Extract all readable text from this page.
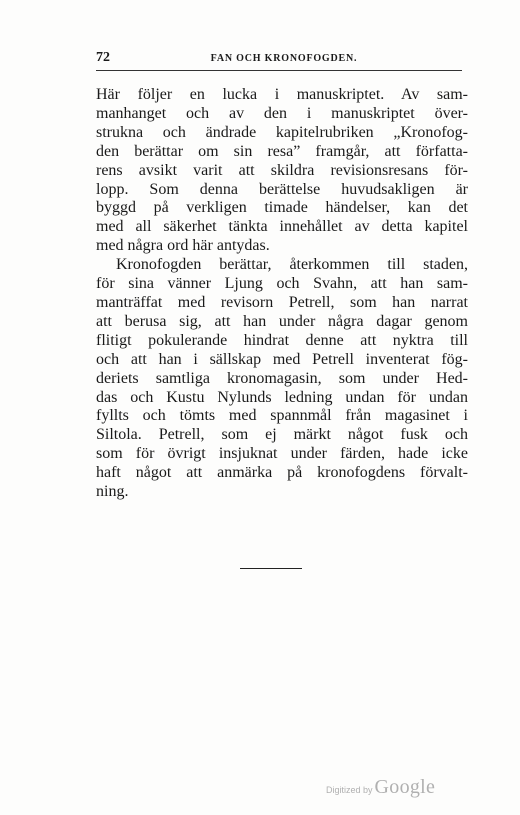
72	FAN OCH KRONOFOGDEN.

Här följer en lucka i manuskriptet. Av sam-
manhanget och av den i manuskriptet över-
strukna och ändrade kapitelrubriken „Kronofog-
den berättar om sin resa” framgår, att författa-
rens avsikt varit att skildra revisionsresans för-
lopp. Som denna berättelse huvudsakligen är
byggd på verkligen timade händelser, kan det
med all säkerhet tänkta innehållet av detta kapitel
med några ord här antydas.

Kronofogden berättar, återkommen till staden,
för sina vänner Ljung och Svahn, att han sam-
manträffat med revisorn Petrell, som han narrat
att berusa sig, att han under några dagar genom
flitigt pokulerande hindrat denne att nyktra till
och att han i sällskap med Petrell inventerat fög-
deriets samtliga kronomagasin, som under Hed-
das och Kustu Nylunds ledning undan för undan
fyllts och tömts med spannmål från magasinet i
Siltola. Petrell, som ej märkt något fusk och
som för övrigt insjuknat under färden, hade icke
haft något att anmärka på kronofogdens förvalt-
ning.

Digitized by Google
